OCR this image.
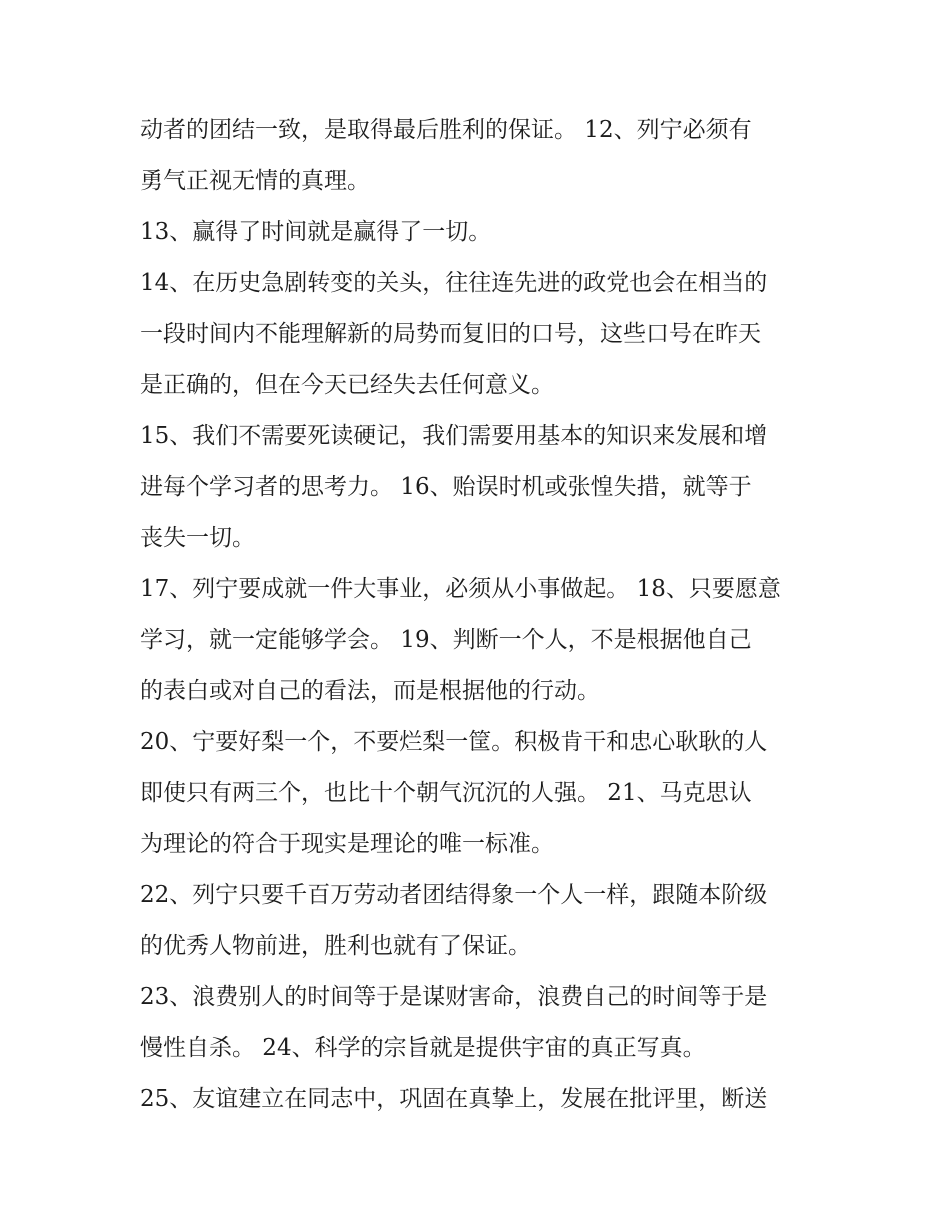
动者的团结一致，是取得最后胜利的保证。 12、列宁必须有
勇气正视无情的真理。
13、赢得了时间就是赢得了一切。
14、在历史急剧转变的关头，往往连先进的政党也会在相当的
一段时间内不能理解新的局势而复旧的口号，这些口号在昨天
是正确的，但在今天已经失去任何意义。
15、我们不需要死读硬记，我们需要用基本的知识来发展和增
进每个学习者的思考力。 16、贻误时机或张惶失措，就等于
丧失一切。
17、列宁要成就一件大事业，必须从小事做起。 18、只要愿意
学习，就一定能够学会。 19、判断一个人，不是根据他自己
的表白或对自己的看法，而是根据他的行动。
20、宁要好梨一个，不要烂梨一筐。积极肯干和忠心耿耿的人
即使只有两三个，也比十个朝气沉沉的人强。 21、马克思认
为理论的符合于现实是理论的唯一标准。
22、列宁只要千百万劳动者团结得象一个人一样，跟随本阶级
的优秀人物前进，胜利也就有了保证。
23、浪费别人的时间等于是谋财害命，浪费自己的时间等于是
慢性自杀。 24、科学的宗旨就是提供宇宙的真正写真。
25、友谊建立在同志中，巩固在真挚上，发展在批评里，断送
